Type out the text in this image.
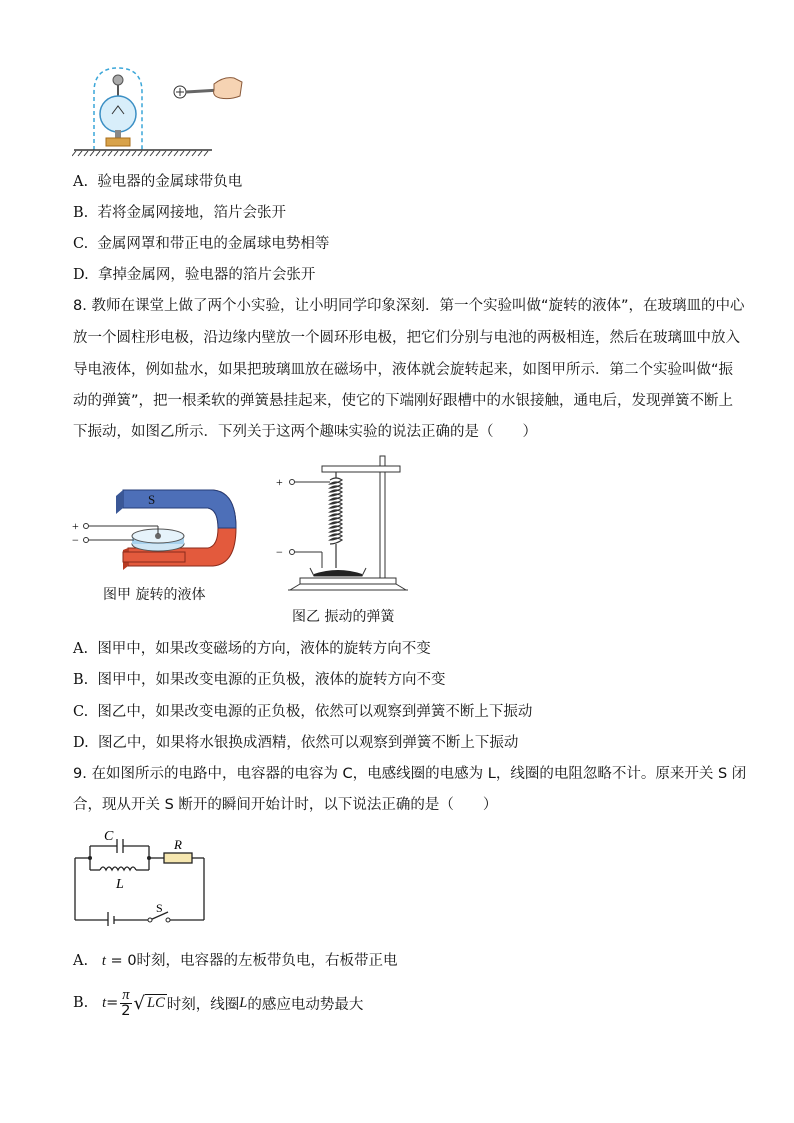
A. 验电器的金属球带负电
B. 若将金属网接地，箔片会张开
C. 金属网罩和带正电的金属球电势相等
D. 拿掉金属网，验电器的箔片会张开
8. 教师在课堂上做了两个小实验，让小明同学印象深刻．第一个实验叫做“旋转的液体”，在玻璃皿的中心
放一个圆柱形电极，沿边缘内壁放一个圆环形电极，把它们分别与电池的两极相连，然后在玻璃皿中放入
导电液体，例如盐水，如果把玻璃皿放在磁场中，液体就会旋转起来，如图甲所示．第二个实验叫做“振
动的弹簧”，把一根柔软的弹簧悬挂起来，使它的下端刚好跟槽中的水银接触，通电后，发现弹簧不断上
下振动，如图乙所示．下列关于这两个趣味实验的说法正确的是（　　）
S
+
−
图甲 旋转的液体
+
−
图乙 振动的弹簧
A. 图甲中，如果改变磁场的方向，液体的旋转方向不变
B. 图甲中，如果改变电源的正负极，液体的旋转方向不变
C. 图乙中，如果改变电源的正负极，依然可以观察到弹簧不断上下振动
D. 图乙中，如果将水银换成酒精，依然可以观察到弹簧不断上下振动
9. 在如图所示的电路中，电容器的电容为 C，电感线圈的电感为 L，线圈的电阻忽略不计。原来开关 S 闭
合，现从开关 S 断开的瞬间开始计时，以下说法正确的是（　　）
C
L
R
S
A. t = 0时刻，电容器的左板带负电，右板带正电
B.
$t = \frac{\pi}{2}$ √ LC 时刻，线圈 L 的感应电动势最大
